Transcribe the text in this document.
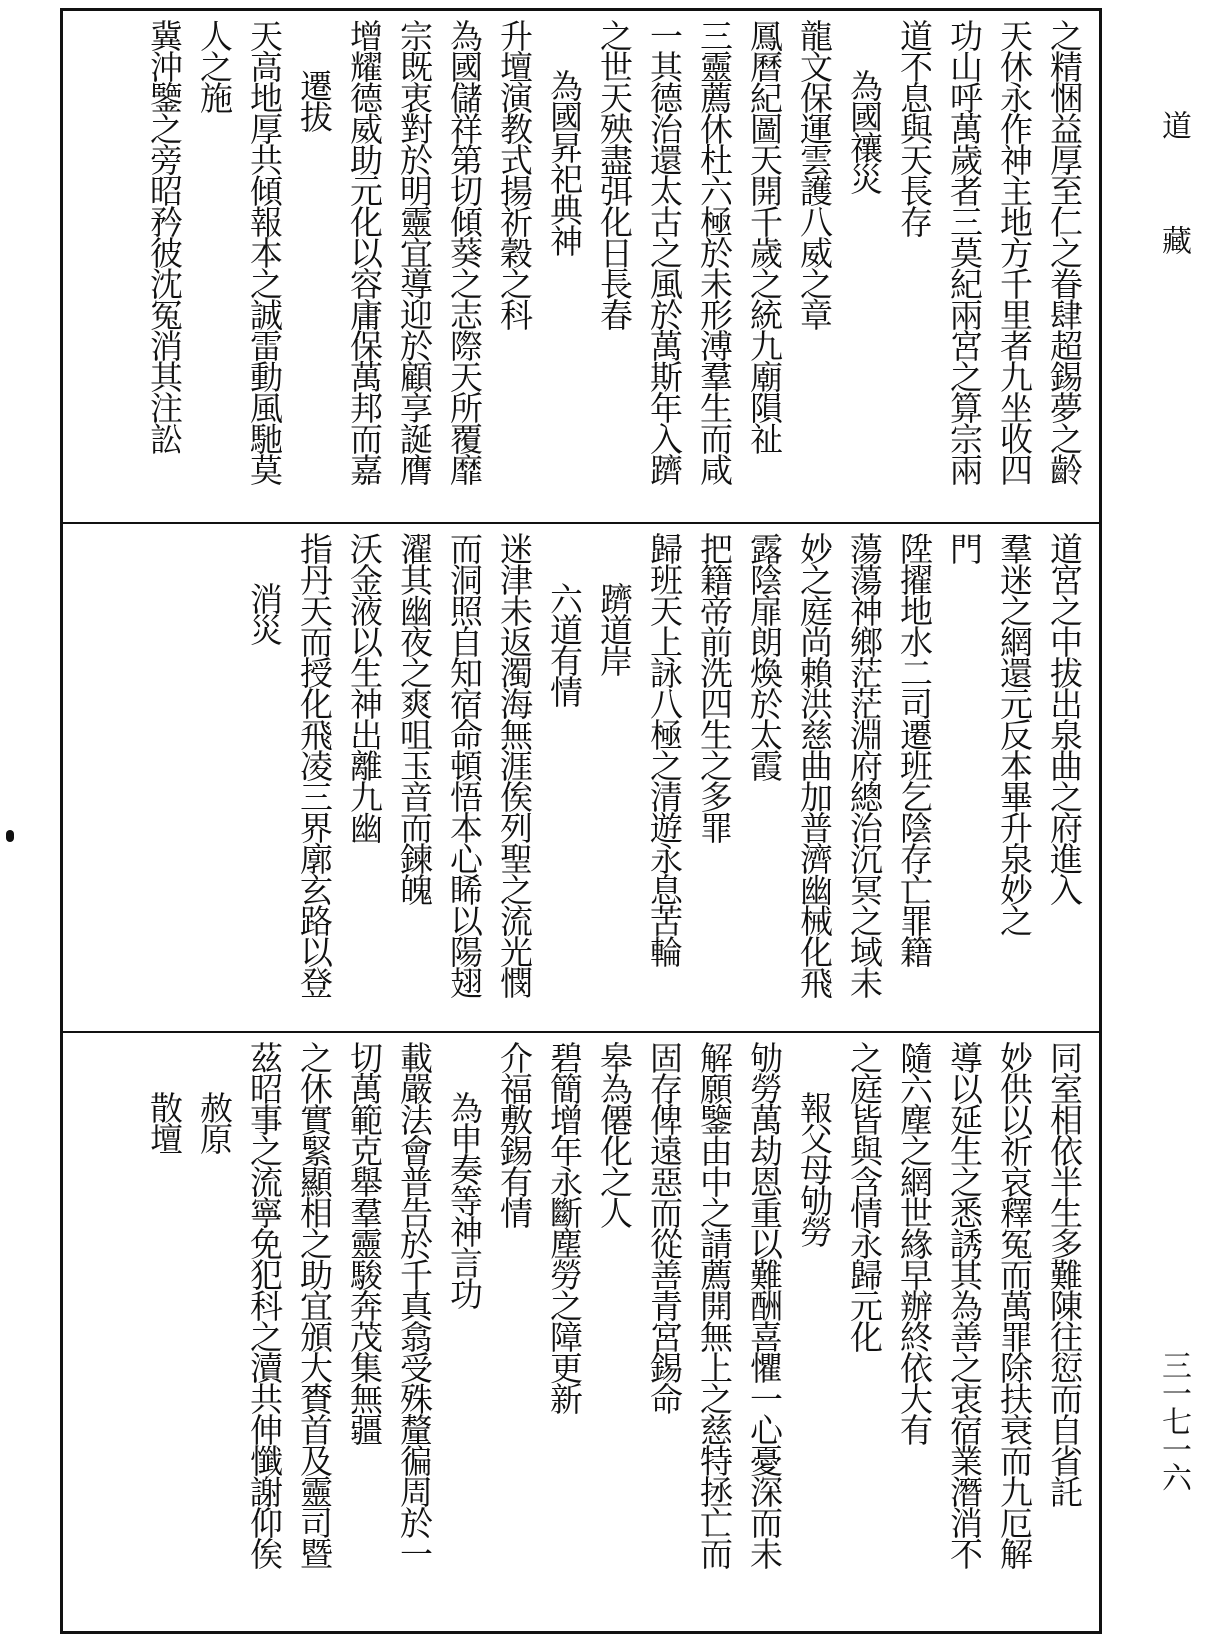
之精悃益厚至仁之眷肆超錫夢之齡
天休永作神主地方千里者九坐收四
功山呼萬歲者三莫紀兩宮之算宗兩
道不息與天長存
為國禳災
龍文保運雲護八威之章
鳳曆紀圖天開千歲之統九廟隕祉
三靈薦休杜六極於未形溥羣生而咸
一其德治還太古之風於萬斯年入躋
之世天殃盡弭化日長春
為國昇祀典神
升壇演教式揚祈穀之科
為國儲祥第切傾葵之志際天所覆靡
宗既衷對於明靈宜導迎於顧享誕膺
增耀德威助元化以容庸保萬邦而嘉
遷拔
天高地厚共傾報本之誠雷動風馳莫
人之施
冀沖鑒之旁昭矜彼沈冤消其注訟
道宮之中拔出泉曲之府進入
羣迷之網還元反本畢升泉妙之
門
陞擢地水二司遷班乞陰存亡罪籍
蕩蕩神鄉茫茫淵府總治沉冥之域未
妙之庭尚賴洪慈曲加普濟幽械化飛
露陰扉朗煥於太霞
把籍帝前洗四生之多罪
歸班天上詠八極之清遊永息苦輪
躋道岸
六道有情
迷津未返濁海無涯俟列聖之流光憫
而洞照自知宿命頓悟本心睎以陽翅
濯其幽夜之爽咀玉音而鍊魄
沃金液以生神出離九幽
指丹天而授化飛凌三界廓玄路以登
消災
同室相依半生多難陳往愆而自省託
妙供以祈哀釋冤而萬罪除扶衰而九厄解
導以延生之悉誘其為善之衷宿業潛消不
隨六塵之網世緣早辦終依大有
之庭皆與含情永歸元化
報父母劬勞
劬勞萬劫恩重以難酬喜懼一心憂深而未
解願鑒由中之請薦開無上之慈特拯亡而
固存俾遠惡而從善青宮錫命
皋為僊化之人
碧簡增年永斷塵勞之障更新
介福敷錫有情
為申奏等神言功
載嚴法會普告於千真翕受殊釐徧周於一
切萬範克舉羣靈駿奔茂集無疆
之休實緊顯相之助宜頒大賚首及靈司暨
茲昭事之流寧免犯科之瀆共伸懺謝仰俟
赦原
散壇
道
藏
三一七一六
